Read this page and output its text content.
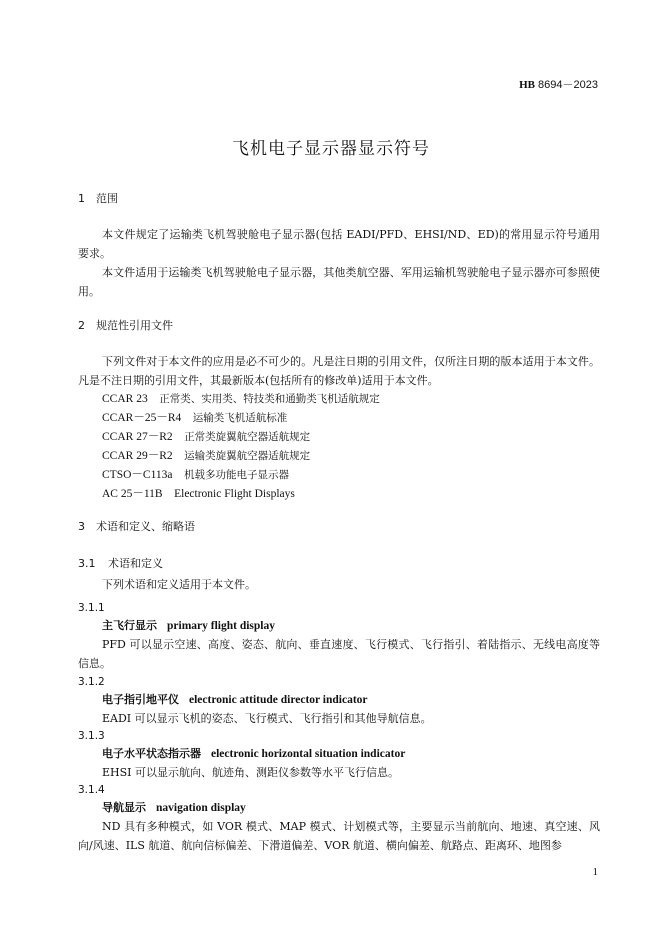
HB 8694－2023
飞机电子显示器显示符号
1 范围

本文件规定了运输类飞机驾驶舱电子显示器(包括 EADI/PFD、EHSI/ND、ED)的常用显示符号通用要求。

本文件适用于运输类飞机驾驶舱电子显示器，其他类航空器、军用运输机驾驶舱电子显示器亦可参照使用。

2 规范性引用文件

下列文件对于本文件的应用是必不可少的。凡是注日期的引用文件，仅所注日期的版本适用于本文件。凡是不注日期的引用文件，其最新版本(包括所有的修改单)适用于本文件。

CCAR 23　 正常类、实用类、特技类和通勤类飞机适航规定
CCAR－25－R4　 运输类飞机适航标准
CCAR 27－R2　 正常类旋翼航空器适航规定
CCAR 29－R2　 运输类旋翼航空器适航规定
CTSO－C113a　 机载多功能电子显示器
AC 25－11B　 Electronic Flight Displays
3 术语和定义、缩略语
3.1 术语和定义

下列术语和定义适用于本文件。

3.1.1
主飞行显示 primary flight display

PFD 可以显示空速、高度、姿态、航向、垂直速度、飞行模式、飞行指引、着陆指示、无线电高度等信息。

3.1.2
电子指引地平仪 electronic attitude director indicator

EADI 可以显示飞机的姿态、飞行模式、飞行指引和其他导航信息。

3.1.3
电子水平状态指示器 electronic horizontal situation indicator

EHSI 可以显示航向、航迹角、测距仪参数等水平飞行信息。

3.1.4
导航显示 navigation display

ND 具有多种模式，如 VOR 模式、MAP 模式、计划模式等，主要显示当前航向、地速、真空速、风向/风速、ILS 航道、航向信标偏差、下滑道偏差、VOR 航道、横向偏差、航路点、距离环、地图参

1
